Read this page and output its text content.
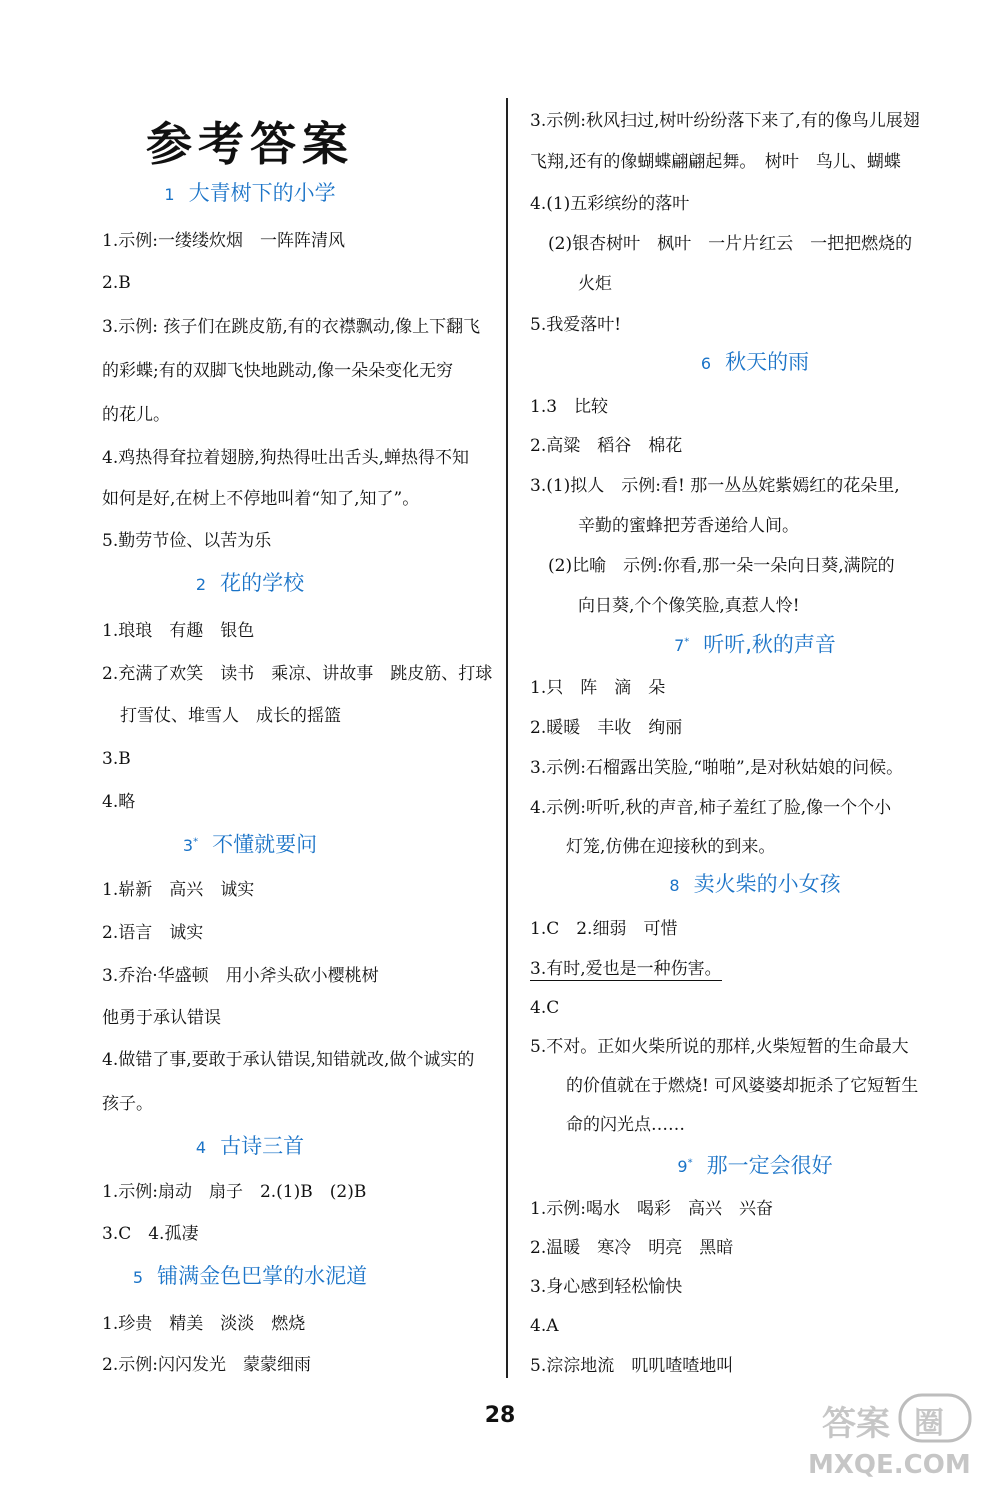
参考答案
1 大青树下的小学
1.示例:一缕缕炊烟　一阵阵清风
2.B
3.示例: 孩子们在跳皮筋,有的衣襟飘动,像上下翻飞
的彩蝶;有的双脚飞快地跳动,像一朵朵变化无穷
的花儿。
4.鸡热得耷拉着翅膀,狗热得吐出舌头,蝉热得不知
如何是好,在树上不停地叫着“知了,知了”。
5.勤劳节俭、以苦为乐
2 花的学校
1.琅琅　有趣　银色
2.充满了欢笑　读书　乘凉、讲故事　跳皮筋、打球
打雪仗、堆雪人　成长的摇篮
3.B
4.略
3* 不懂就要问
1.崭新　高兴　诚实
2.语言　诚实
3.乔治·华盛顿　用小斧头砍小樱桃树
他勇于承认错误
4.做错了事,要敢于承认错误,知错就改,做个诚实的
孩子。
4 古诗三首
1.示例:扇动　扇子　2.(1)B　(2)B
3.C　4.孤凄
5 铺满金色巴掌的水泥道
1.珍贵　精美　淡淡　燃烧
2.示例:闪闪发光　蒙蒙细雨
3.示例:秋风扫过,树叶纷纷落下来了,有的像鸟儿展翅
飞翔,还有的像蝴蝶翩翩起舞。　树叶　鸟儿、蝴蝶
4.(1)五彩缤纷的落叶
(2)银杏树叶　枫叶　一片片红云　一把把燃烧的
火炬
5.我爱落叶!
6 秋天的雨
1.3　比较
2.高粱　稻谷　棉花
3.(1)拟人　示例:看! 那一丛丛姹紫嫣红的花朵里,
辛勤的蜜蜂把芳香递给人间。
(2)比喻　示例:你看,那一朵一朵向日葵,满院的
向日葵,个个像笑脸,真惹人怜!
7* 听听,秋的声音
1.只　阵　滴　朵
2.暖暖　丰收　绚丽
3.示例:石榴露出笑脸,“啪啪”,是对秋姑娘的问候。
4.示例:听听,秋的声音,柿子羞红了脸,像一个个小
灯笼,仿佛在迎接秋的到来。
8 卖火柴的小女孩
1.C　2.细弱　可惜
3.有时,爱也是一种伤害。
4.C
5.不对。正如火柴所说的那样,火柴短暂的生命最大
的价值就在于燃烧! 可风婆婆却扼杀了它短暂生
命的闪光点……
9* 那一定会很好
1.示例:喝水　喝彩　高兴　兴奋
2.温暖　寒冷　明亮　黑暗
3.身心感到轻松愉快
4.A
5.淙淙地流　叽叽喳喳地叫
28	答案 圈
MXQE.COM
